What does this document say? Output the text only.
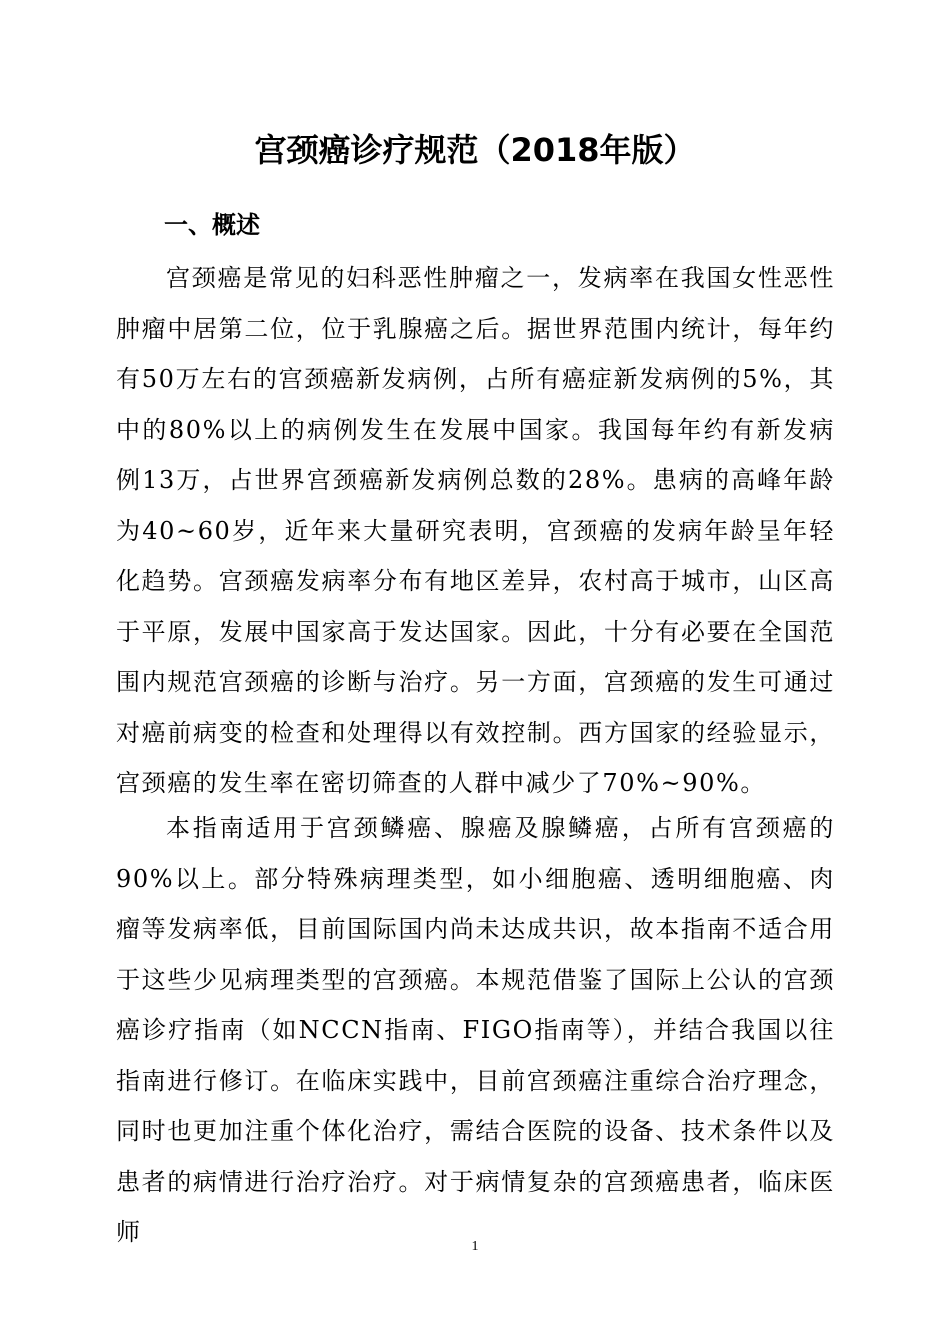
宫颈癌诊疗规范（2018年版）
一、概述

宫颈癌是常见的妇科恶性肿瘤之一，发病率在我国女性恶性肿瘤中居第二位，位于乳腺癌之后。据世界范围内统计，每年约有50万左右的宫颈癌新发病例，占所有癌症新发病例的5%，其中的80%以上的病例发生在发展中国家。我国每年约有新发病例13万，占世界宫颈癌新发病例总数的28%。患病的高峰年龄为40~60岁，近年来大量研究表明，宫颈癌的发病年龄呈年轻化趋势。宫颈癌发病率分布有地区差异，农村高于城市，山区高于平原，发展中国家高于发达国家。因此，十分有必要在全国范围内规范宫颈癌的诊断与治疗。另一方面，宫颈癌的发生可通过对癌前病变的检查和处理得以有效控制。西方国家的经验显示，宫颈癌的发生率在密切筛查的人群中减少了70%~90%。

本指南适用于宫颈鳞癌、腺癌及腺鳞癌，占所有宫颈癌的90%以上。部分特殊病理类型，如小细胞癌、透明细胞癌、肉瘤等发病率低，目前国际国内尚未达成共识，故本指南不适合用于这些少见病理类型的宫颈癌。本规范借鉴了国际上公认的宫颈癌诊疗指南（如NCCN指南、FIGO指南等），并结合我国以往指南进行修订。在临床实践中，目前宫颈癌注重综合治疗理念，同时也更加注重个体化治疗，需结合医院的设备、技术条件以及患者的病情进行治疗治疗。对于病情复杂的宫颈癌患者，临床医师

1
